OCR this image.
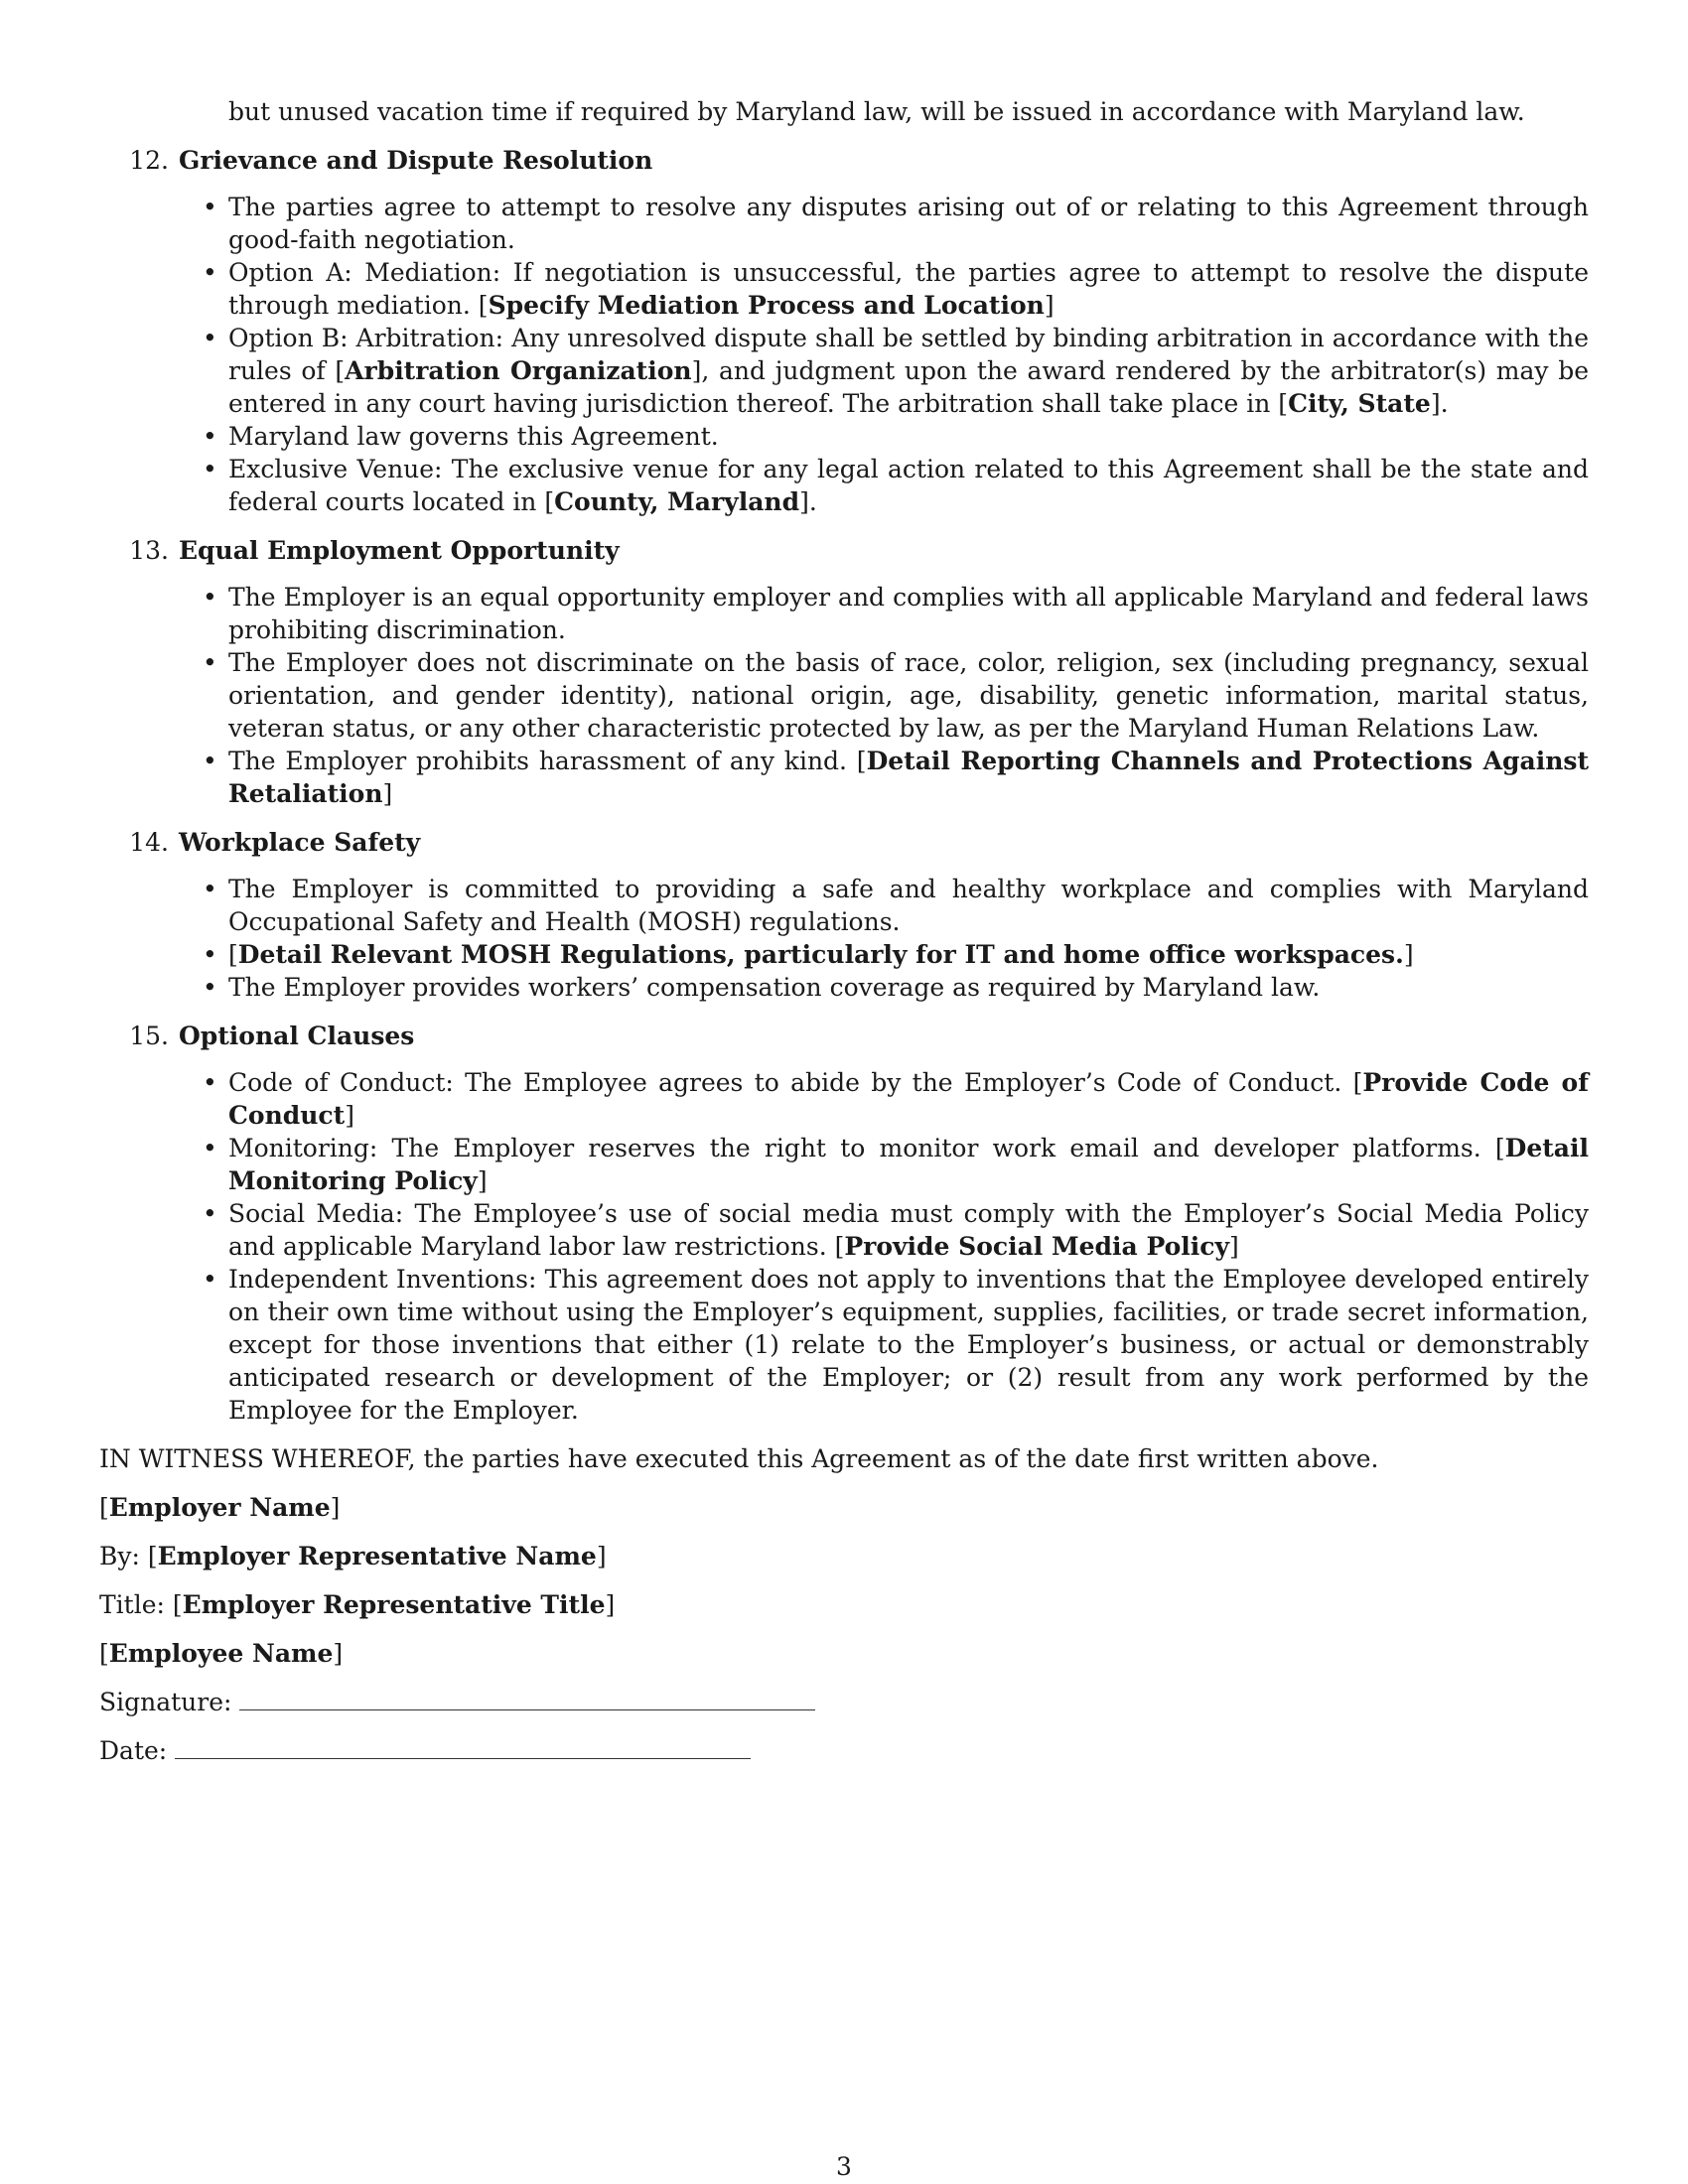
but unused vacation time if required by Maryland law, will be issued in accordance with Maryland law.
12. Grievance and Dispute Resolution
• The parties agree to attempt to resolve any disputes arising out of or relating to this Agreement through good-faith negotiation.
• Option A: Mediation: If negotiation is unsuccessful, the parties agree to attempt to resolve the dispute through mediation. [Specify Mediation Process and Location]
• Option B: Arbitration: Any unresolved dispute shall be settled by binding arbitration in accordance with the rules of [Arbitration Organization], and judgment upon the award rendered by the arbitrator(s) may be entered in any court having jurisdiction thereof. The arbitration shall take place in [City, State].
• Maryland law governs this Agreement.
• Exclusive Venue: The exclusive venue for any legal action related to this Agreement shall be the state and federal courts located in [County, Maryland].
13. Equal Employment Opportunity
• The Employer is an equal opportunity employer and complies with all applicable Maryland and federal laws prohibiting discrimination.
• The Employer does not discriminate on the basis of race, color, religion, sex (including pregnancy, sexual orientation, and gender identity), national origin, age, disability, genetic information, marital status, veteran status, or any other characteristic protected by law, as per the Maryland Human Relations Law.
• The Employer prohibits harassment of any kind. [Detail Reporting Channels and Protections Against Retaliation]
14. Workplace Safety
• The Employer is committed to providing a safe and healthy workplace and complies with Maryland Occupational Safety and Health (MOSH) regulations.
• [Detail Relevant MOSH Regulations, particularly for IT and home office workspaces.]
• The Employer provides workers’ compensation coverage as required by Maryland law.
15. Optional Clauses
• Code of Conduct: The Employee agrees to abide by the Employer’s Code of Conduct. [Provide Code of Conduct]
• Monitoring: The Employer reserves the right to monitor work email and developer platforms. [Detail Monitoring Policy]
• Social Media: The Employee’s use of social media must comply with the Employer’s Social Media Policy and applicable Maryland labor law restrictions. [Provide Social Media Policy]
• Independent Inventions: This agreement does not apply to inventions that the Employee developed entirely on their own time without using the Employer’s equipment, supplies, facilities, or trade secret information, except for those inventions that either (1) relate to the Employer’s business, or actual or demonstrably anticipated research or development of the Employer; or (2) result from any work performed by the Employee for the Employer.
IN WITNESS WHEREOF, the parties have executed this Agreement as of the date first written above.
[Employer Name]
By: [Employer Representative Name]
Title: [Employer Representative Title]
[Employee Name]
Signature:
Date:
3
